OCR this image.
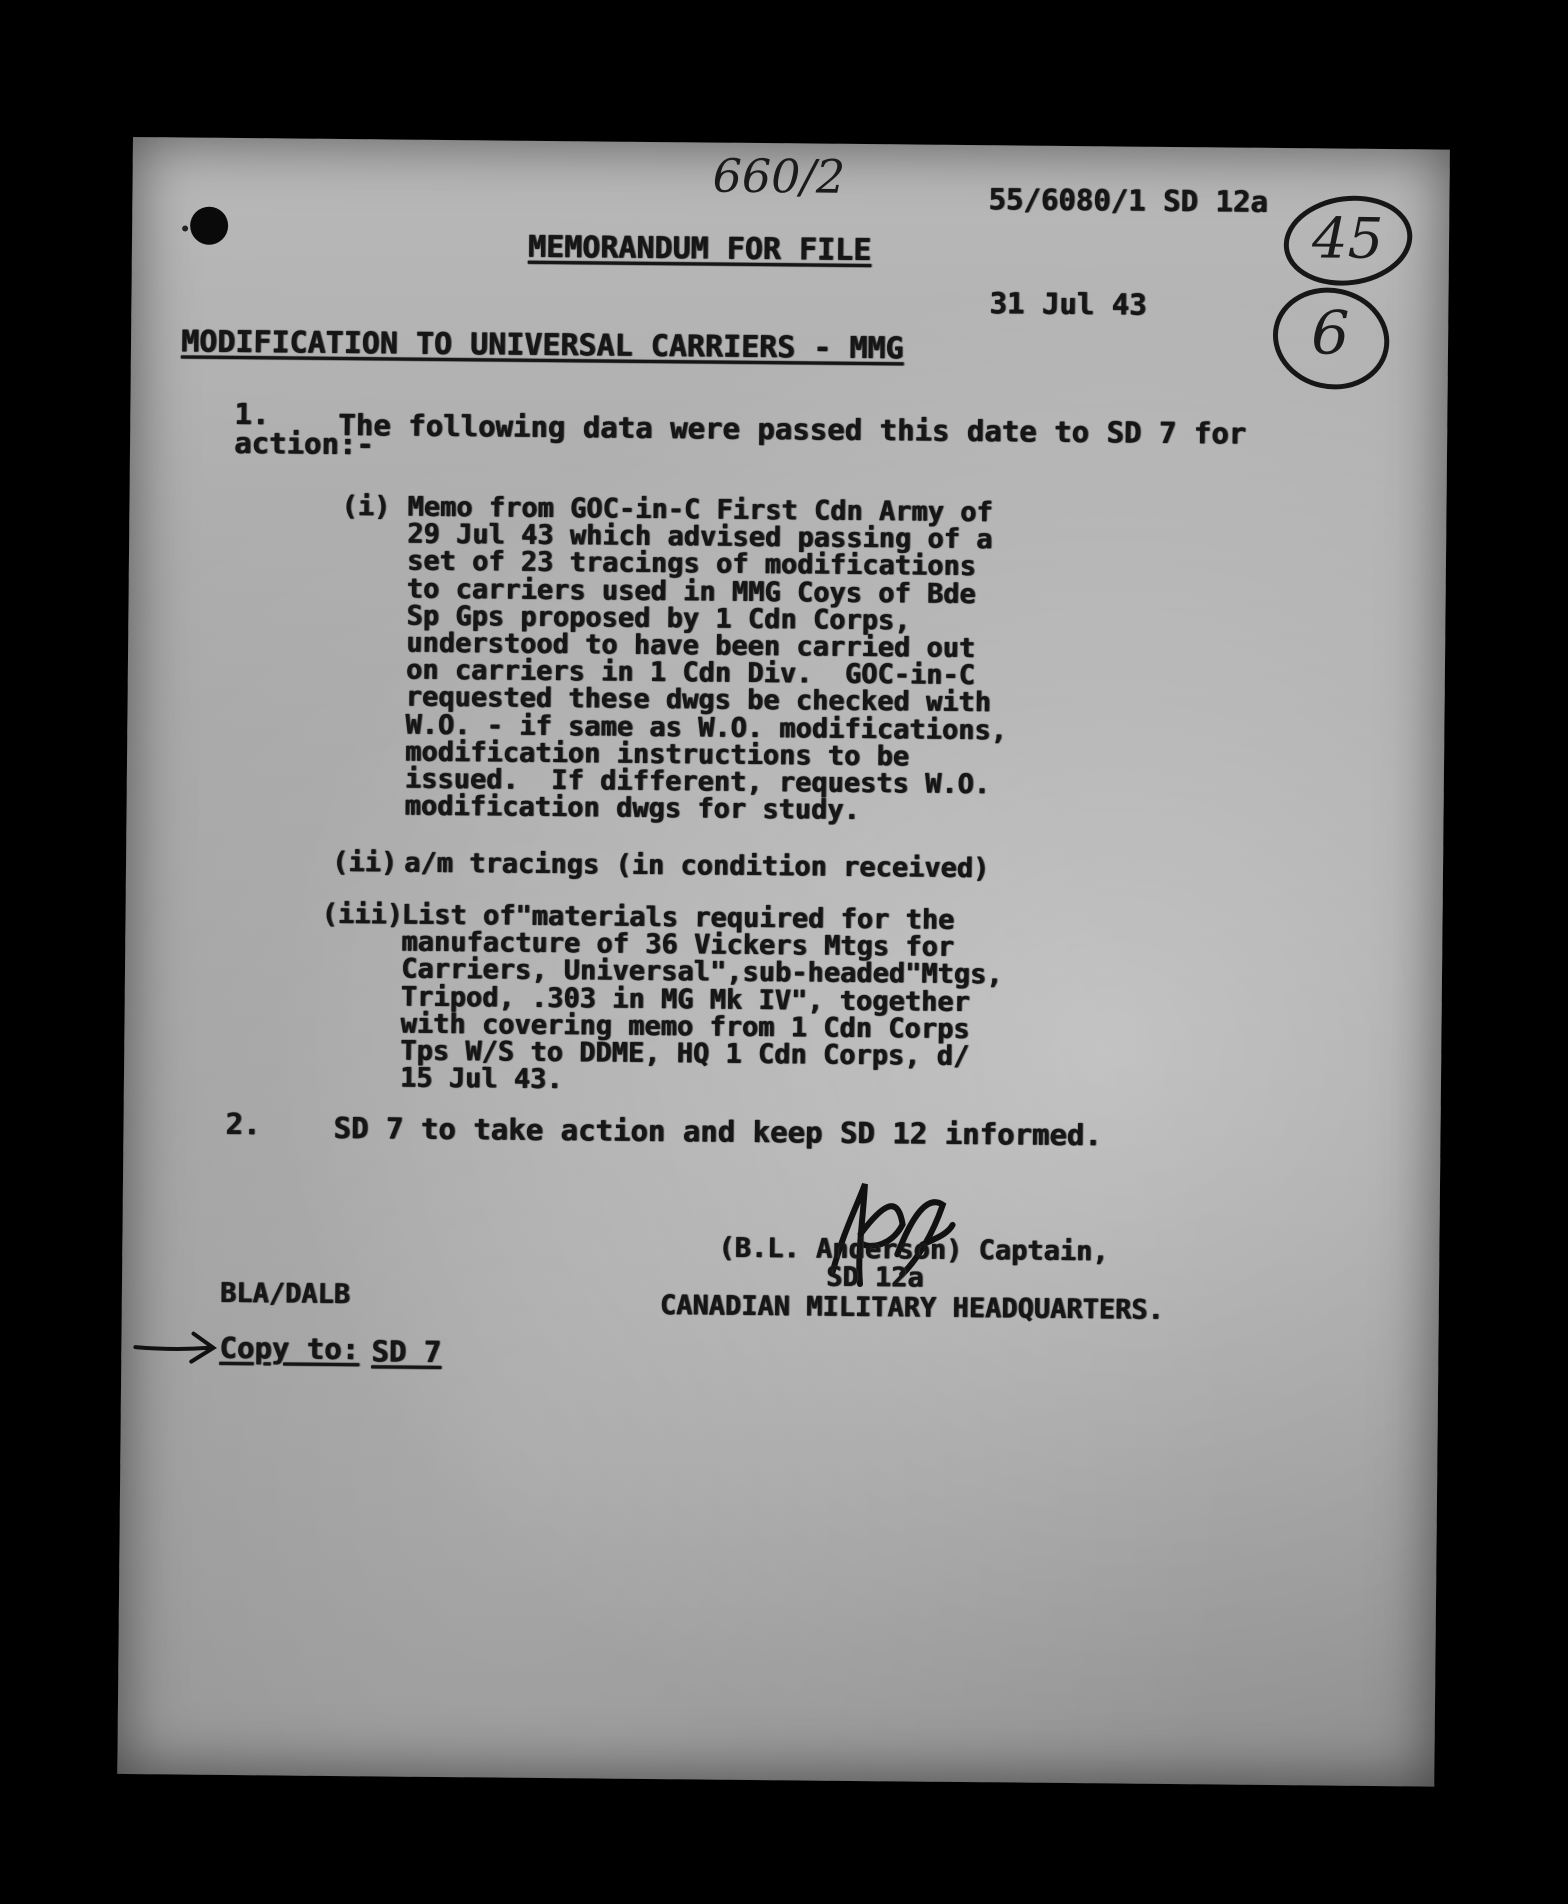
660/2	55/6080/1 SD 12a
MEMORANDUM FOR FILE
31 Jul 43
45
6
MODIFICATION TO UNIVERSAL CARRIERS - MMG
1. The following data were passed this date to SD 7 for
action:-
(i) Memo from GOC-in-C First Cdn Army of
29 Jul 43 which advised passing of a
set of 23 tracings of modifications
to carriers used in MMG Coys of Bde
Sp Gps proposed by 1 Cdn Corps,
understood to have been carried out
on carriers in 1 Cdn Div.  GOC-in-C
requested these dwgs be checked with
W.O. - if same as W.O. modifications,
modification instructions to be
issued.  If different, requests W.O.
modification dwgs for study.
(ii) a/m tracings (in condition received)
(iii)
List of"materials required for the
manufacture of 36 Vickers Mtgs for
Carriers, Universal",sub-headed"Mtgs,
Tripod, .303 in MG Mk IV", together
with covering memo from 1 Cdn Corps
Tps W/S to DDME, HQ 1 Cdn Corps, d/
15 Jul 43.
2.	SD 7 to take action and keep SD 12 informed.
(B.L. Anderson) Captain,
SD 12a
CANADIAN MILITARY HEADQUARTERS.
BLA/DALB
Copy to: SD 7
